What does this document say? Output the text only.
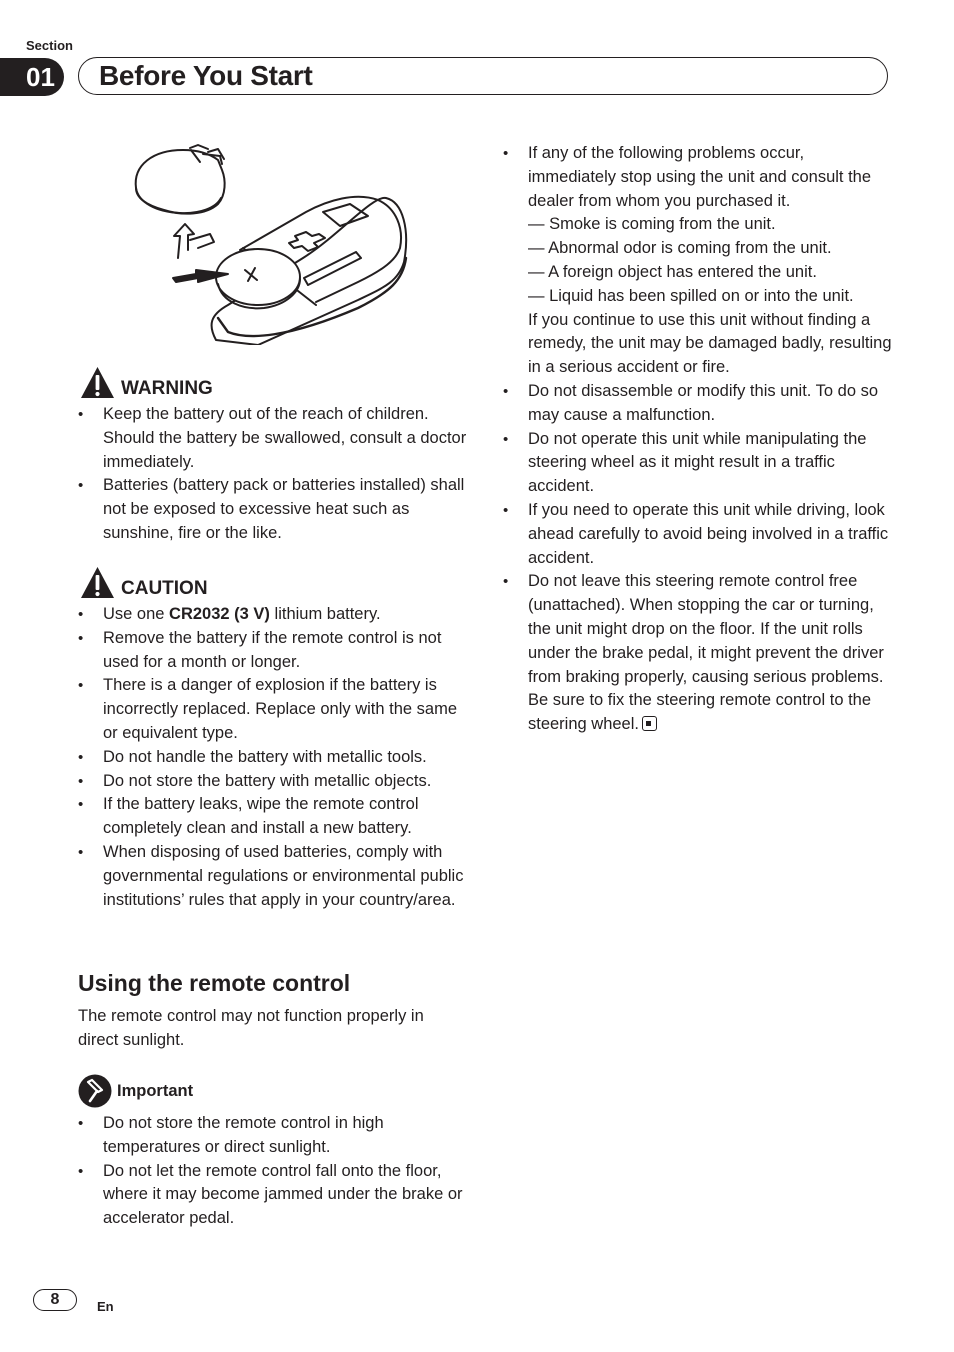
Section
01	Before You Start
WARNING
• Keep the battery out of the reach of children. Should the battery be swallowed, consult a doctor immediately.
• Batteries (battery pack or batteries installed) shall not be exposed to excessive heat such as sunshine, fire or the like.
CAUTION
• Use one CR2032 (3 V) lithium battery.
• Remove the battery if the remote control is not used for a month or longer.
• There is a danger of explosion if the battery is incorrectly replaced. Replace only with the same or equivalent type.
• Do not handle the battery with metallic tools.
• Do not store the battery with metallic objects.
• If the battery leaks, wipe the remote control completely clean and install a new battery.
• When disposing of used batteries, comply with governmental regulations or environmental public institutions’ rules that apply in your country/area.
Using the remote control
The remote control may not function properly in direct sunlight.
Important
• Do not store the remote control in high temperatures or direct sunlight.
• Do not let the remote control fall onto the floor, where it may become jammed under the brake or accelerator pedal.
• If any of the following problems occur, immediately stop using the unit and consult the dealer from whom you purchased it.
— Smoke is coming from the unit.
— Abnormal odor is coming from the unit.
— A foreign object has entered the unit.
— Liquid has been spilled on or into the unit.
If you continue to use this unit without finding a remedy, the unit may be damaged badly, resulting in a serious accident or fire.
• Do not disassemble or modify this unit. To do so may cause a malfunction.
• Do not operate this unit while manipulating the steering wheel as it might result in a traffic accident.
• If you need to operate this unit while driving, look ahead carefully to avoid being involved in a traffic accident.
• Do not leave this steering remote control free (unattached). When stopping the car or turning, the unit might drop on the floor. If the unit rolls under the brake pedal, it might prevent the driver from braking properly, causing serious problems. Be sure to fix the steering remote control to the steering wheel.
8	En
